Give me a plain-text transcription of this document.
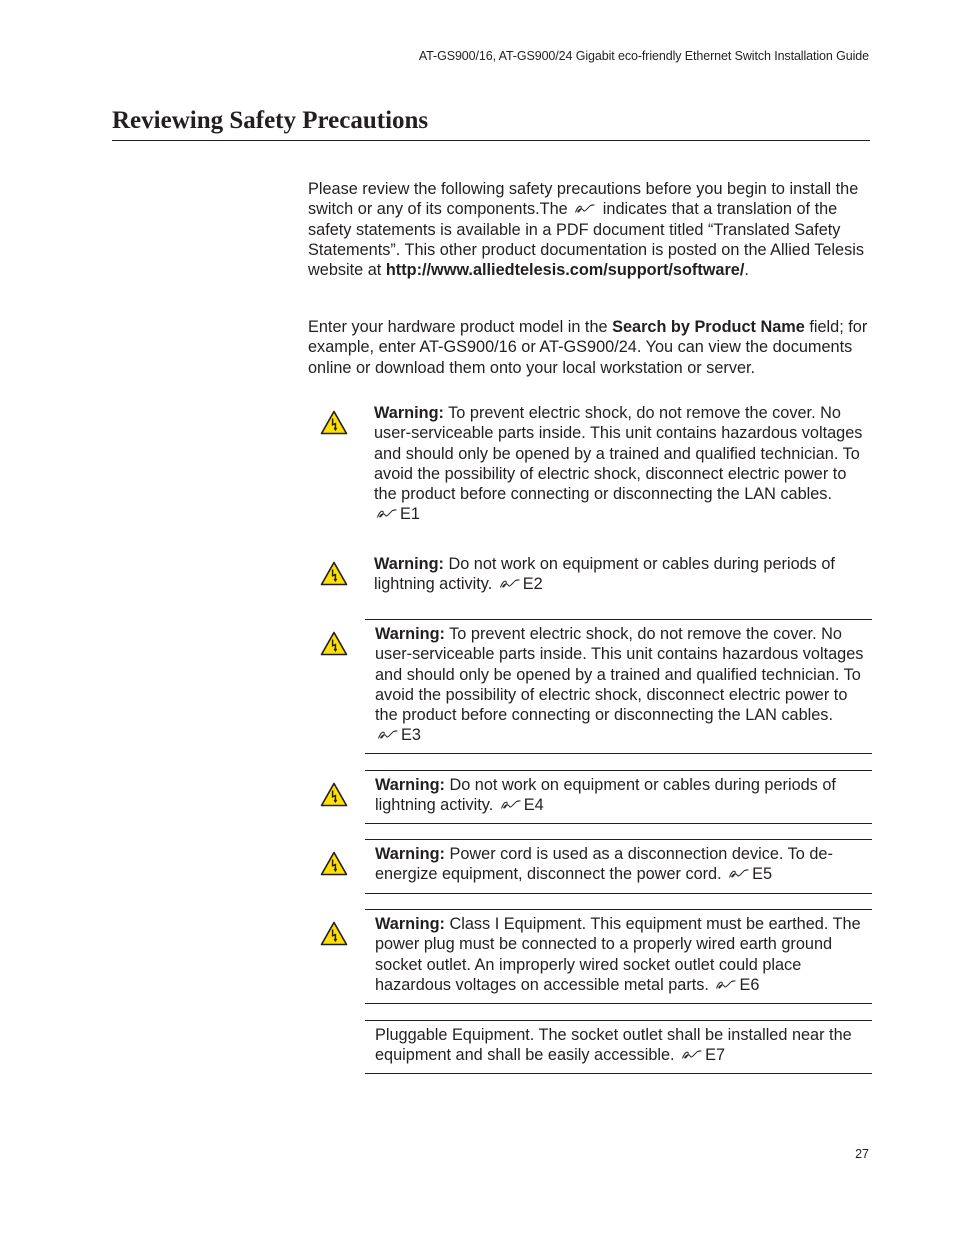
AT-GS900/16, AT-GS900/24 Gigabit eco-friendly Ethernet Switch Installation Guide
Reviewing Safety Precautions

Please review the following safety precautions before you begin to install the switch or any of its components.The indicates that a translation of the safety statements is available in a PDF document titled “Translated Safety Statements”. This other product documentation is posted on the Allied Telesis website at http://www.alliedtelesis.com/support/software/.

Enter your hardware product model in the Search by Product Name field; for example, enter AT-GS900/16 or AT-GS900/24. You can view the documents online or download them onto your local workstation or server.

Warning: To prevent electric shock, do not remove the cover. No user-serviceable parts inside. This unit contains hazardous voltages and should only be opened by a trained and qualified technician. To avoid the possibility of electric shock, disconnect electric power to the product before connecting or disconnecting the LAN cables.
E1

Warning: Do not work on equipment or cables during periods of lightning activity. E2

Warning: To prevent electric shock, do not remove the cover. No user-serviceable parts inside. This unit contains hazardous voltages and should only be opened by a trained and qualified technician. To avoid the possibility of electric shock, disconnect electric power to the product before connecting or disconnecting the LAN cables.
E3

Warning: Do not work on equipment or cables during periods of lightning activity. E4

Warning: Power cord is used as a disconnection device. To de-energize equipment, disconnect the power cord. E5

Warning: Class I Equipment. This equipment must be earthed. The power plug must be connected to a properly wired earth ground socket outlet. An improperly wired socket outlet could place hazardous voltages on accessible metal parts. E6

Pluggable Equipment. The socket outlet shall be installed near the equipment and shall be easily accessible. E7

27
